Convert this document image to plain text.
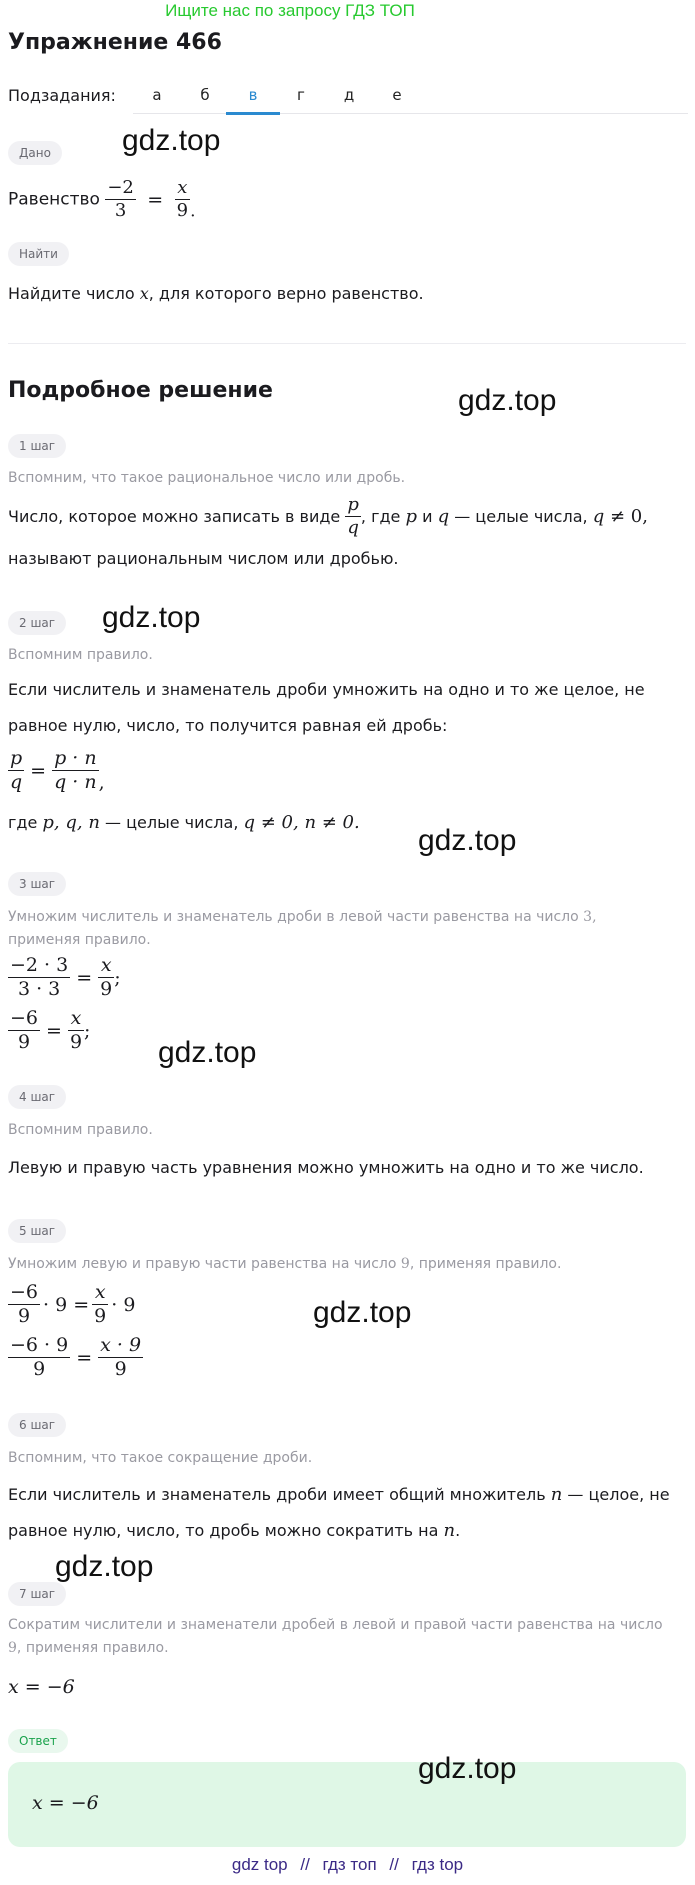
Ищите нас по запросу ГДЗ ТОП
Упражнение 466
Подзадания:	а	б	в	г	д	е
Дано
Равенство $\frac{-2}{3} = \frac{x}{9}$ .
Найти
Найдите число x, для которого верно равенство.
Подробное решение
1 шаг
Вспомним, что такое рациональное число или дробь.
Число, которое можно записать в виде $\frac{p}{q}$ , где p и q — целые числа, q ≠ 0,
называют рациональным числом или дробью.
2 шаг
Вспомним правило.
Если числитель и знаменатель дроби умножить на одно и то же целое, не
равное нулю, число, то получится равная ей дробь:
$\frac{p}{q} = \frac{p \cdot n}{q \cdot n}$ ,
где p, q, n — целые числа, q ≠ 0, n ≠ 0.
3 шаг
Умножим числитель и знаменатель дроби в левой части равенства на число 3,
применяя правило.
$\frac{-2 \cdot 3}{3 \cdot 3} = \frac{x}{9}$ ;
$\frac{-6}{9} = \frac{x}{9}$ ;
4 шаг
Вспомним правило.
Левую и правую часть уравнения можно умножить на одно и то же число.
5 шаг
Умножим левую и правую части равенства на число 9, применяя правило.
$\frac{-6}{9} \cdot 9 = \frac{x}{9} \cdot 9$
$\frac{-6 \cdot 9}{9} = \frac{x \cdot 9}{9}$
6 шаг
Вспомним, что такое сокращение дроби.
Если числитель и знаменатель дроби имеет общий множитель n — целое, не
равное нулю, число, то дробь можно сократить на n.
7 шаг
Сократим числители и знаменатели дробей в левой и правой части равенства на число
9, применяя правило.
x = −6
Ответ
x = −6
gdz.top
gdz.top
gdz.top
gdz.top
gdz.top
gdz.top
gdz.top
gdz.top
gdz top // гдз топ // гдз top
